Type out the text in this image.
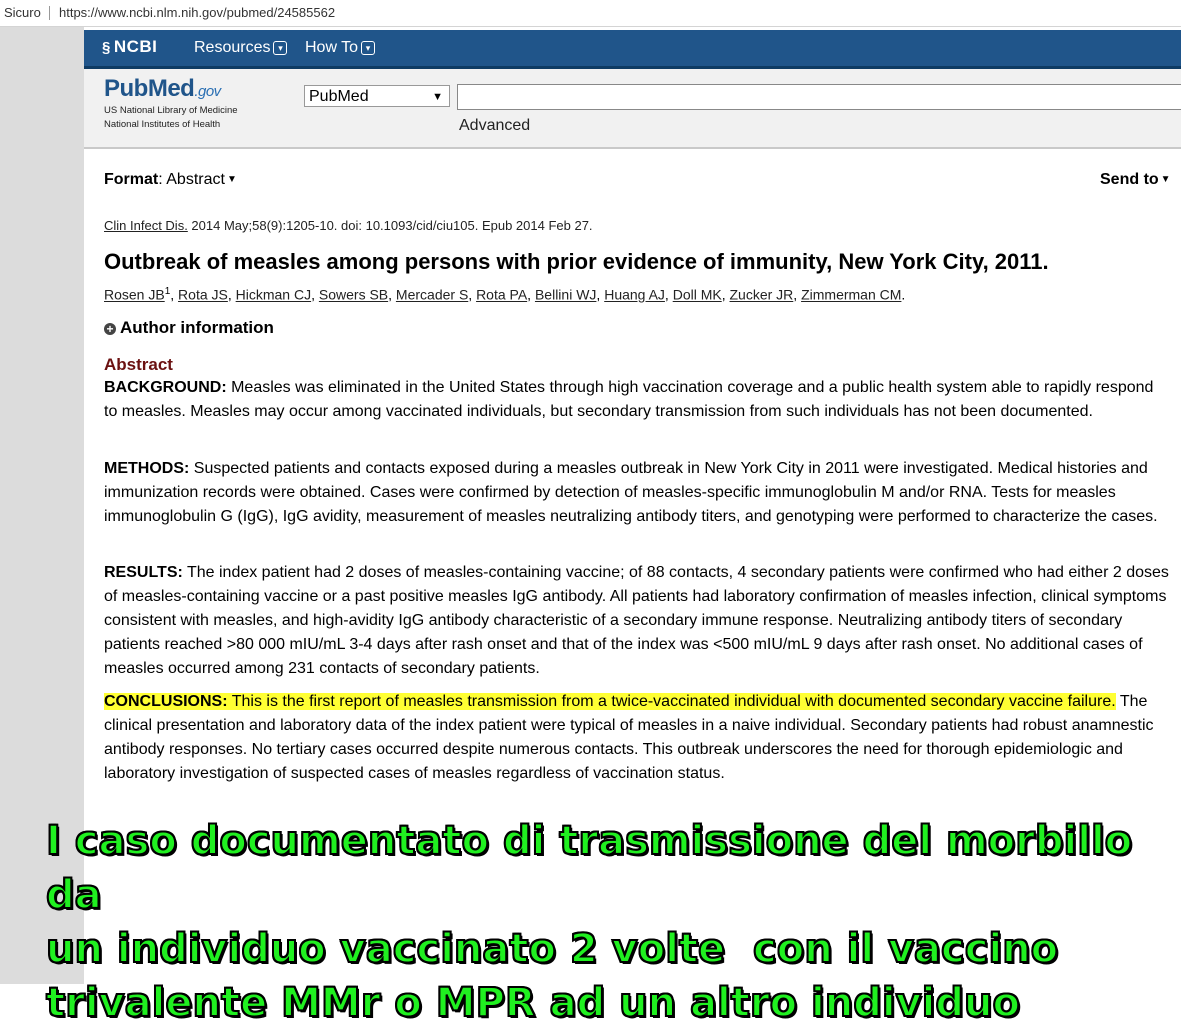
Sicuro https://www.ncbi.nlm.nih.gov/pubmed/24585562
§ NCBI Resources ▾ How To ▾
PubMed.gov
US National Library of Medicine
National Institutes of Health
PubMed	▼
Advanced
Format: Abstract ▼	Send to ▼
Clin Infect Dis. 2014 May;58(9):1205-10. doi: 10.1093/cid/ciu105. Epub 2014 Feb 27.
Outbreak of measles among persons with prior evidence of immunity, New York City, 2011.
Rosen $JB^1$, Rota JS, Hickman CJ, Sowers SB, Mercader S, Rota PA, Bellini WJ, Huang AJ, Doll MK, Zucker JR, Zimmerman CM.
+ Author information
Abstract
BACKGROUND: Measles was eliminated in the United States through high vaccination coverage and a public health system able to rapidly respond to measles. Measles may occur among vaccinated individuals, but secondary transmission from such individuals has not been documented.
METHODS: Suspected patients and contacts exposed during a measles outbreak in New York City in 2011 were investigated. Medical histories and immunization records were obtained. Cases were confirmed by detection of measles-specific immunoglobulin M and/or RNA. Tests for measles immunoglobulin G (IgG), IgG avidity, measurement of measles neutralizing antibody titers, and genotyping were performed to characterize the cases.
RESULTS: The index patient had 2 doses of measles-containing vaccine; of 88 contacts, 4 secondary patients were confirmed who had either 2 doses of measles-containing vaccine or a past positive measles IgG antibody. All patients had laboratory confirmation of measles infection, clinical symptoms consistent with measles, and high-avidity IgG antibody characteristic of a secondary immune response. Neutralizing antibody titers of secondary patients reached >80 000 mIU/mL 3-4 days after rash onset and that of the index was <500 mIU/mL 9 days after rash onset. No additional cases of measles occurred among 231 contacts of secondary patients.
CONCLUSIONS: This is the first report of measles transmission from a twice-vaccinated individual with documented secondary vaccine failure. The clinical presentation and laboratory data of the index patient were typical of measles in a naive individual. Secondary patients had robust anamnestic antibody responses. No tertiary cases occurred despite numerous contacts. This outbreak underscores the need for thorough epidemiologic and laboratory investigation of suspected cases of measles regardless of vaccination status.
I caso documentato di trasmissione del morbillo da
un individuo vaccinato 2 volte  con il vaccino
trivalente MMr o MPR ad un altro individuo
